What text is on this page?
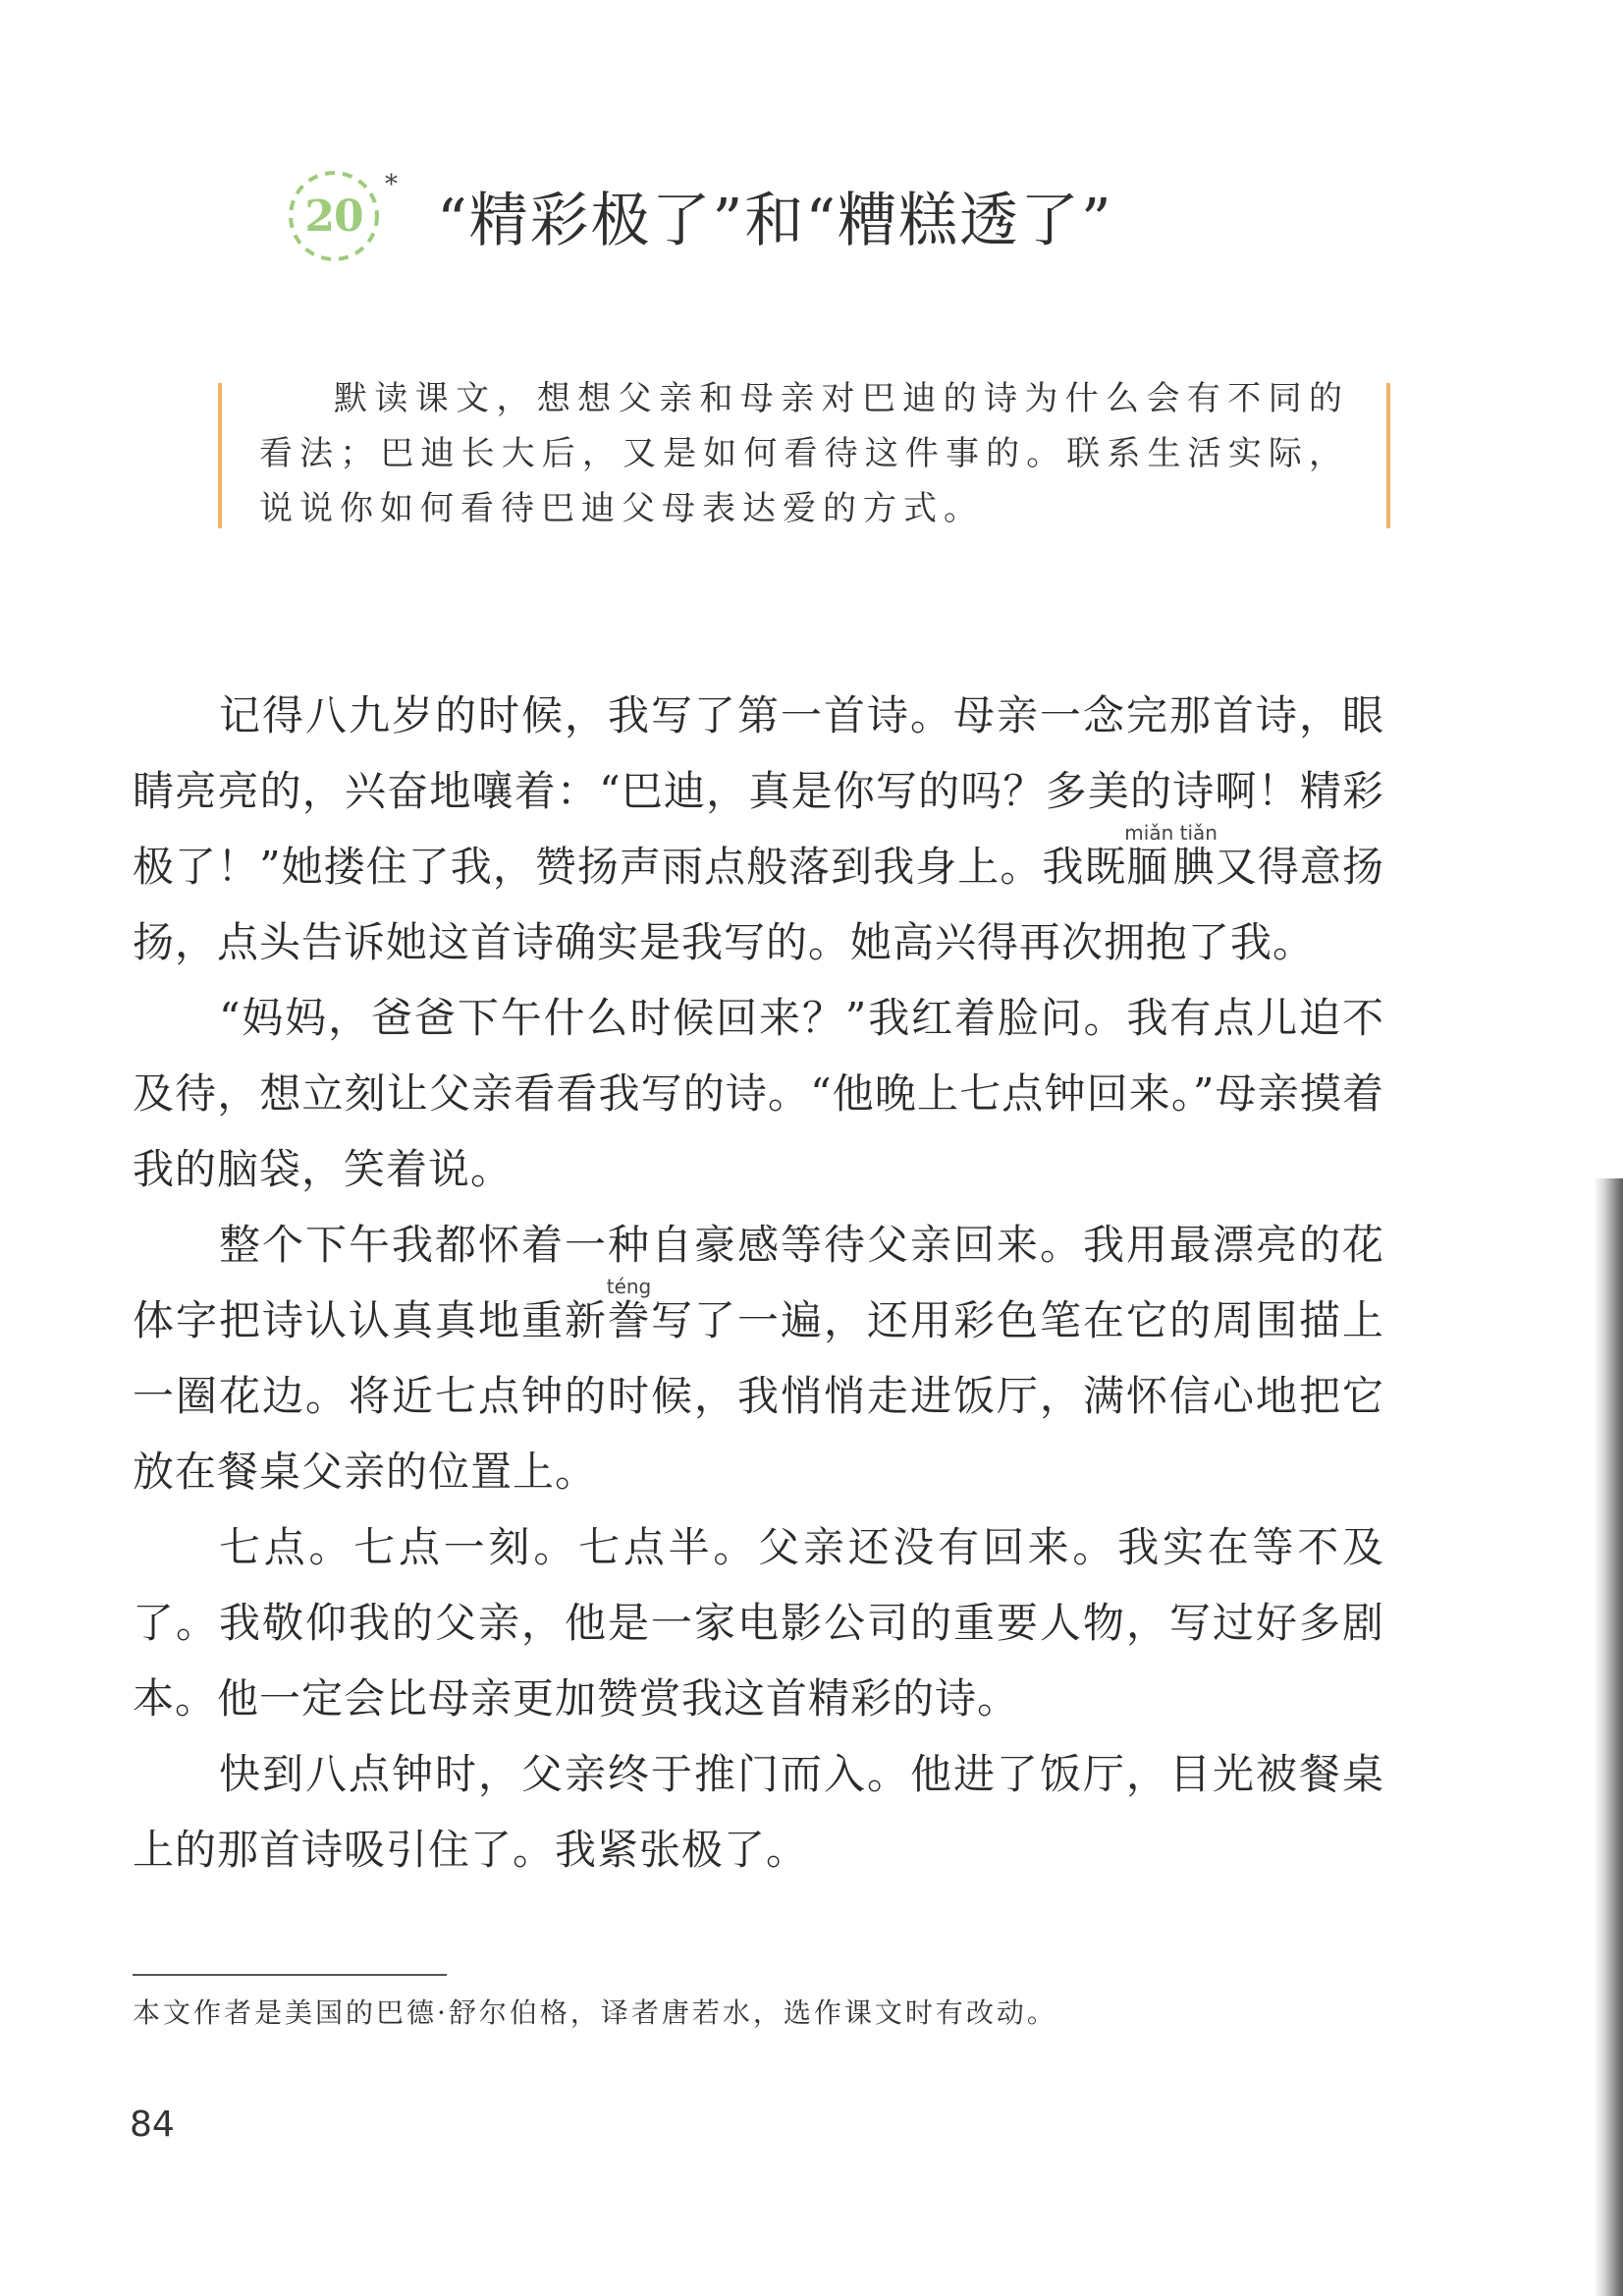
20
*
“精彩极了”和“糟糕透了”

默读课文，想想父亲和母亲对巴迪的诗为什么会有不同的看法；巴迪长大后，又是如何看待这件事的。联系生活实际，说说你如何看待巴迪父母表达爱的方式。

记得八九岁的时候，我写了第一首诗。母亲一念完那首诗，眼睛亮亮的，兴奋地嚷着：“巴迪，真是你写的吗？多美的诗啊！精彩极了！”她搂住了我，赞扬声雨点般落到我身上。我既腼腆miǎn tiǎn又得意扬扬，点头告诉她这首诗确实是我写的。她高兴得再次拥抱了我。

“妈妈，爸爸下午什么时候回来？”我红着脸问。我有点儿迫不及待，想立刻让父亲看看我写的诗。“他晚上七点钟回来。”母亲摸着我的脑袋，笑着说。

整个下午我都怀着一种自豪感等待父亲回来。我用最漂亮的花体字把诗认认真真地重新誊téng写了一遍，还用彩色笔在它的周围描上一圈花边。将近七点钟的时候，我悄悄走进饭厅，满怀信心地把它放在餐桌父亲的位置上。

七点。七点一刻。七点半。父亲还没有回来。我实在等不及了。我敬仰我的父亲，他是一家电影公司的重要人物，写过好多剧本。他一定会比母亲更加赞赏我这首精彩的诗。

快到八点钟时，父亲终于推门而入。他进了饭厅，目光被餐桌上的那首诗吸引住了。我紧张极了。

本文作者是美国的巴德·舒尔伯格，译者唐若水，选作课文时有改动。
84
